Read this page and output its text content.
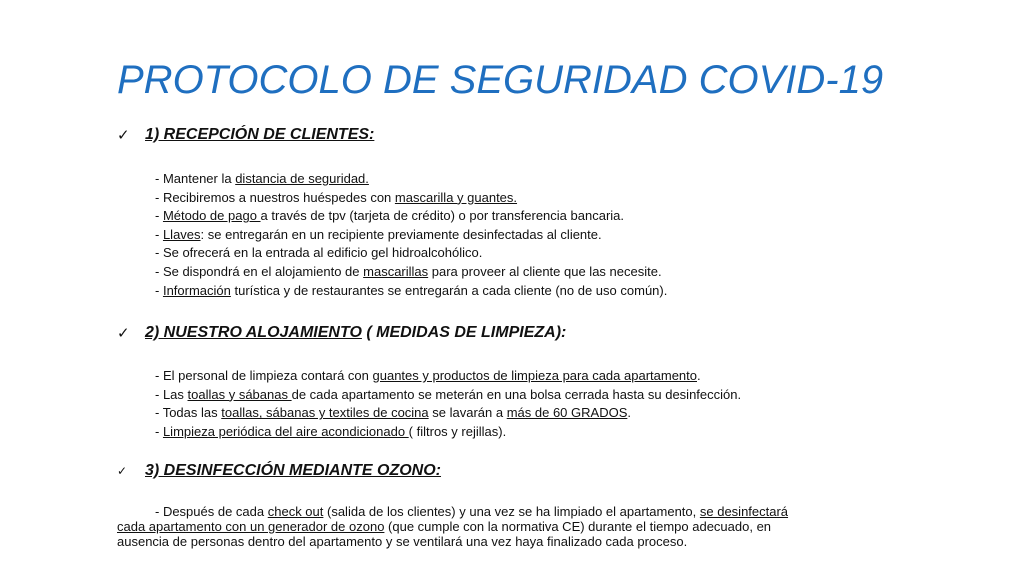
PROTOCOLO DE SEGURIDAD COVID-19
✓ 1) RECEPCIÓN DE CLIENTES:
- Mantener la distancia de seguridad.
- Recibiremos a nuestros huéspedes con mascarilla y guantes.
- Método de pago a través de tpv (tarjeta de crédito) o por transferencia bancaria.
- Llaves: se entregarán en un recipiente previamente desinfectadas al cliente.
- Se ofrecerá en la entrada al edificio gel hidroalcohólico.
- Se dispondrá en el alojamiento de mascarillas para proveer al cliente que las necesite.
- Información turística y de restaurantes se entregarán a cada cliente (no de uso común).
✓ 2) NUESTRO ALOJAMIENTO ( MEDIDAS DE LIMPIEZA):
- El personal de limpieza contará con guantes y productos de limpieza para cada apartamento.
- Las toallas y sábanas de cada apartamento se meterán en una bolsa cerrada hasta su desinfección.
- Todas las toallas, sábanas y textiles de cocina se lavarán a más de 60 GRADOS.
- Limpieza periódica del aire acondicionado ( filtros y rejillas).
✓	3) DESINFECCIÓN MEDIANTE OZONO:
- Después de cada check out (salida de los clientes) y una vez se ha limpiado el apartamento, se desinfectará
cada apartamento con un generador de ozono (que cumple con la normativa CE) durante el tiempo adecuado, en
ausencia de personas dentro del apartamento y se ventilará una vez haya finalizado cada proceso.
